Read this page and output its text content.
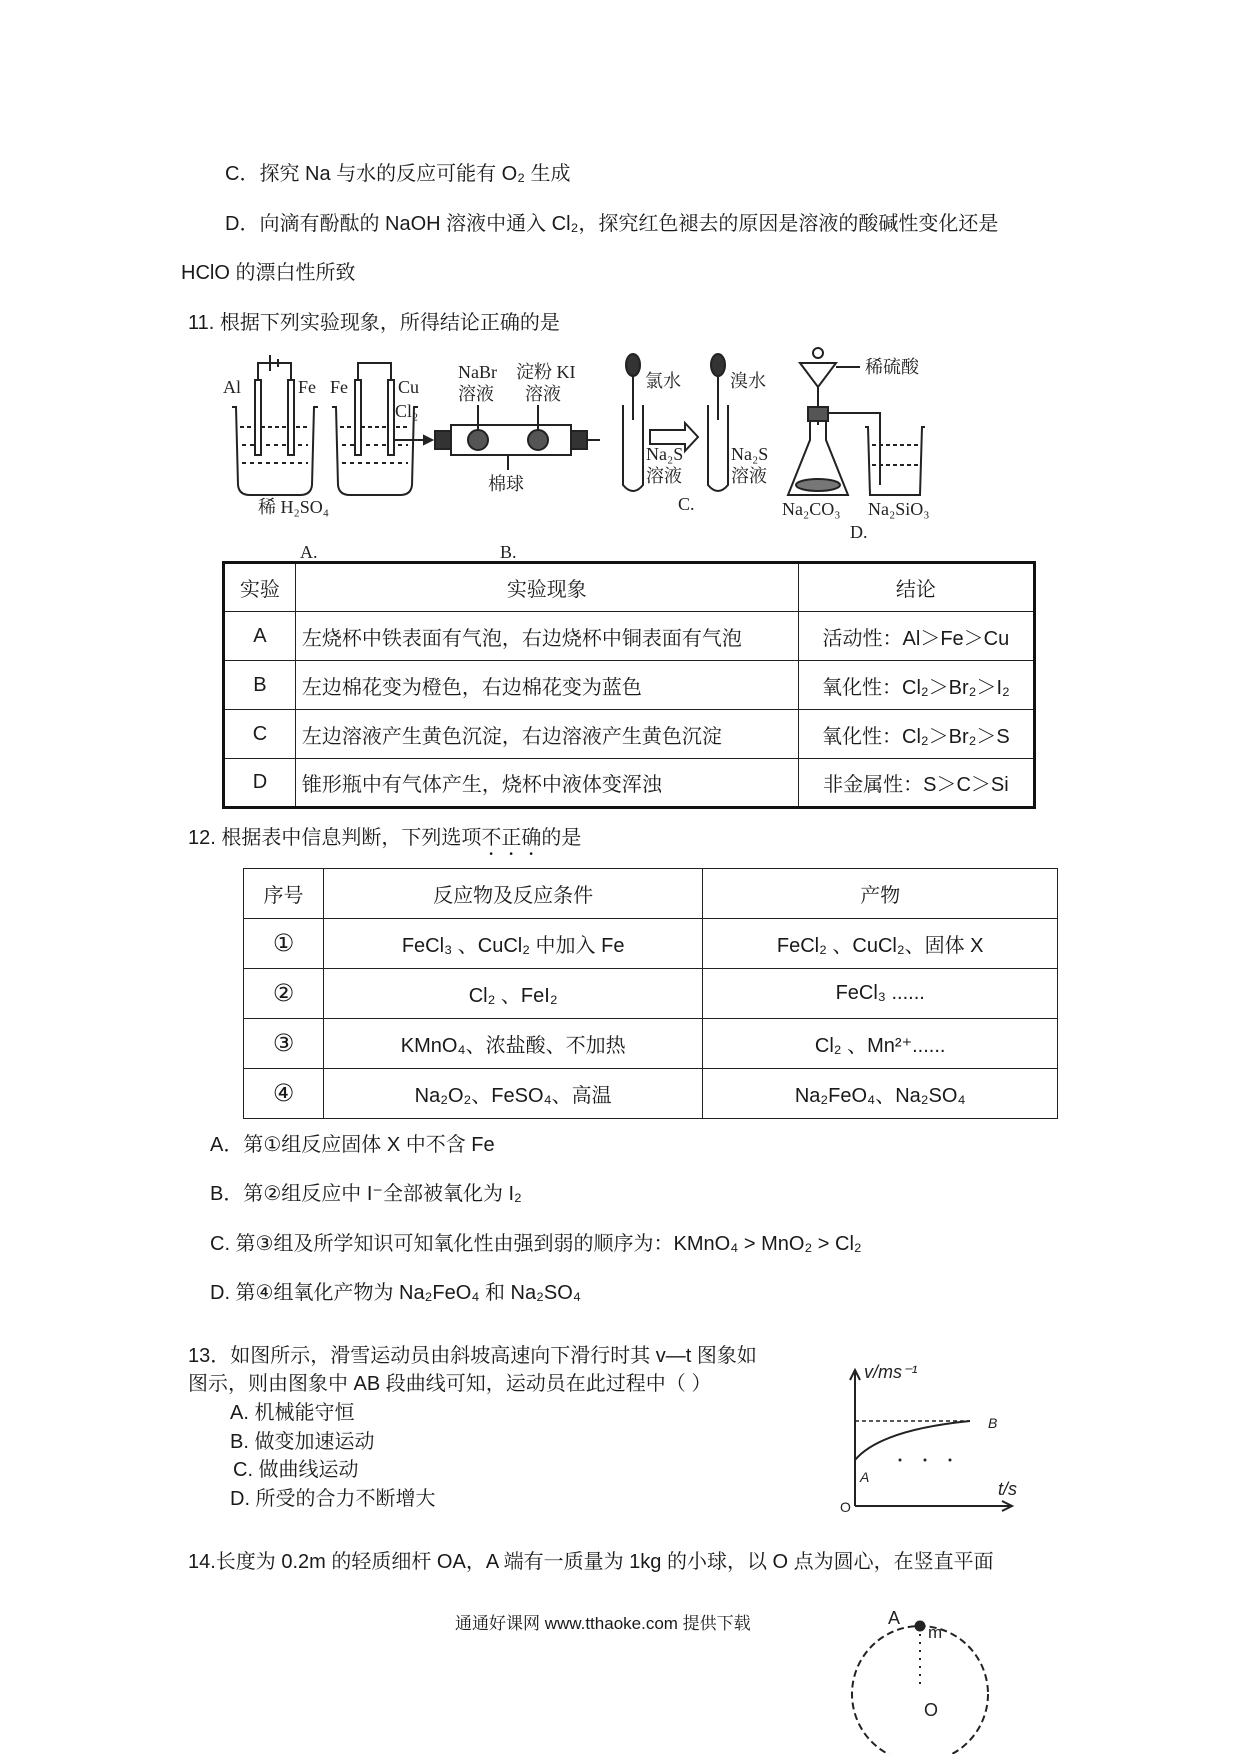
C．探究 Na 与水的反应可能有 O₂ 生成
D．向滴有酚酞的 NaOH 溶液中通入 Cl₂，探究红色褪去的原因是溶液的酸碱性变化还是
HClO 的漂白性所致
11. 根据下列实验现象，所得结论正确的是
Al	Fe Fe	Cu
稀 H₂SO₄
A.
Cl₂
NaBr
溶液
淀粉 KI
溶液
棉球
B.
氯水	溴水
Na₂S
溶液
Na₂S
溶液
C.
稀硫酸
Na₂CO₃ Na₂SiO₃
D.
实验	实验现象	结论
A	左烧杯中铁表面有气泡，右边烧杯中铜表面有气泡	活动性：Al＞Fe＞Cu
B	左边棉花变为橙色，右边棉花变为蓝色	氧化性：Cl₂＞Br₂＞I₂
C	左边溶液产生黄色沉淀，右边溶液产生黄色沉淀	氧化性：Cl₂＞Br₂＞S
D	锥形瓶中有气体产生，烧杯中液体变浑浊	非金属性：S＞C＞Si
12. 根据表中信息判断，下列选项不正确的是
序号	反应物及反应条件	产物
①	FeCl₃ 、CuCl₂ 中加入 Fe	FeCl₂ 、CuCl₂、固体 X
②	Cl₂ 、FeI₂	FeCl₃ ......
③	KMnO₄、浓盐酸、不加热	Cl₂ 、Mn²⁺......
④	Na₂O₂、FeSO₄、高温	Na₂FeO₄、Na₂SO₄
A．第①组反应固体 X 中不含 Fe
B．第②组反应中 I⁻全部被氧化为 I₂
C. 第③组及所学知识可知氧化性由强到弱的顺序为：KMnO₄ > MnO₂ > Cl₂
D. 第④组氧化产物为 Na₂FeO₄ 和 Na₂SO₄
13．如图所示，滑雪运动员由斜坡高速向下滑行时其 v—t 图象如
图示，则由图象中 AB 段曲线可知，运动员在此过程中（ ）
A. 机械能守恒
B. 做变加速运动
C. 做曲线运动
D. 所受的合力不断增大
v/ms⁻¹
t/s
O
A
B
14.长度为 0.2m 的轻质细杆 OA，A 端有一质量为 1kg 的小球，以 O 点为圆心，在竖直平面
A
m
O
通通好课网 www.tthaoke.com 提供下载
